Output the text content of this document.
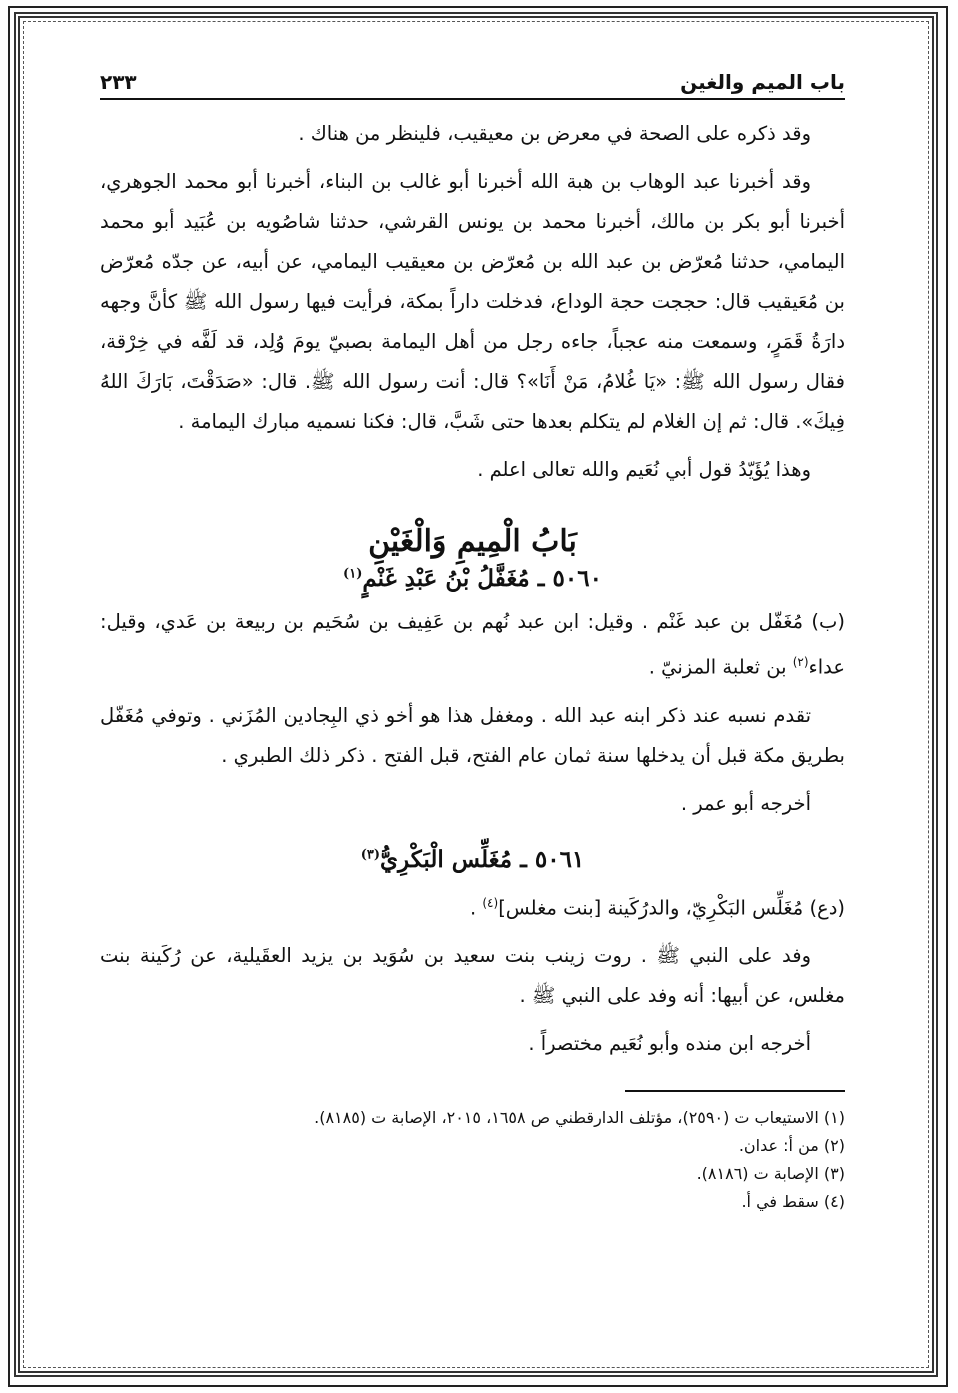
باب الميم والغين
٢٣٣

وقد ذكره على الصحة في معرض بن معيقيب، فلينظر من هناك .

وقد أخبرنا عبد الوهاب بن هبة الله أخبرنا أبو غالب بن البناء، أخبرنا أبو محمد الجوهري، أخبرنا أبو بكر بن مالك، أخبرنا محمد بن يونس القرشي، حدثنا شاصُويه بن عُبَيد أبو محمد اليمامي، حدثنا مُعرّض بن عبد الله بن مُعرّض بن معيقيب اليمامي، عن أبيه، عن جدّه مُعرّض بن مُعَيقيب قال: حججت حجة الوداع، فدخلت داراً بمكة، فرأيت فيها رسول الله ﷺ كأنَّ وجهه دارَةُ قَمَرٍ، وسمعت منه عجباً، جاءه رجل من أهل اليمامة بصبيّ يومَ وُلِد، قد لَفَّه في خِرْقة، فقال رسول الله ﷺ: «يَا غُلامُ، مَنْ أَنَا»؟ قال: أنت رسول الله ﷺ. قال: «صَدَقْتَ، بَارَكَ اللهُ فِيكَ». قال: ثم إن الغلام لم يتكلم بعدها حتى شَبَّ، قال: فكنا نسميه مبارك اليمامة .

وهذا يُؤَيّدُ قول أبي نُعَيم والله تعالى اعلم .

بَابُ الْمِيمِ وَالْغَيْنِ
٥٠٦٠ ـ مُغَفَّلُ بْنُ عَبْدِ غَنْمٍ$^{(١)}$

(ب) مُغَفّل بن عبد غَنْم . وقيل: ابن عبد نُهم بن عَفِيف بن سُحَيم بن ربيعة بن عَدي، وقيل: عداء$^{(٢)}$ بن ثعلبة المزنيّ .

تقدم نسبه عند ذكر ابنه عبد الله . ومغفل هذا هو أخو ذي البِجادين المُزَني . وتوفي مُغَفّل بطريق مكة قبل أن يدخلها سنة ثمان عام الفتح، قبل الفتح . ذكر ذلك الطبري .

أخرجه أبو عمر .

٥٠٦١ ـ مُغَلِّس الْبَكْرِيُّ$^{(٣)}$

(دع) مُغَلِّس البَكْرِيّ، والدرُكَينة [بنت مغلس]$^{(٤)}$ .

وفد على النبي ﷺ . روت زينب بنت سعيد بن سُوَيد بن يزيد العقَيلية، عن رُكَينة بنت مغلس، عن أبيها: أنه وفد على النبي ﷺ .

أخرجه ابن منده وأبو نُعَيم مختصراً .

(١) الاستيعاب ت (٢٥٩٠)، مؤتلف الدارقطني ص ١٦٥٨، ٢٠١٥، الإصابة ت (٨١٨٥).

(٢) من أ: عدان.

(٣) الإصابة ت (٨١٨٦).

(٤) سقط في أ.
